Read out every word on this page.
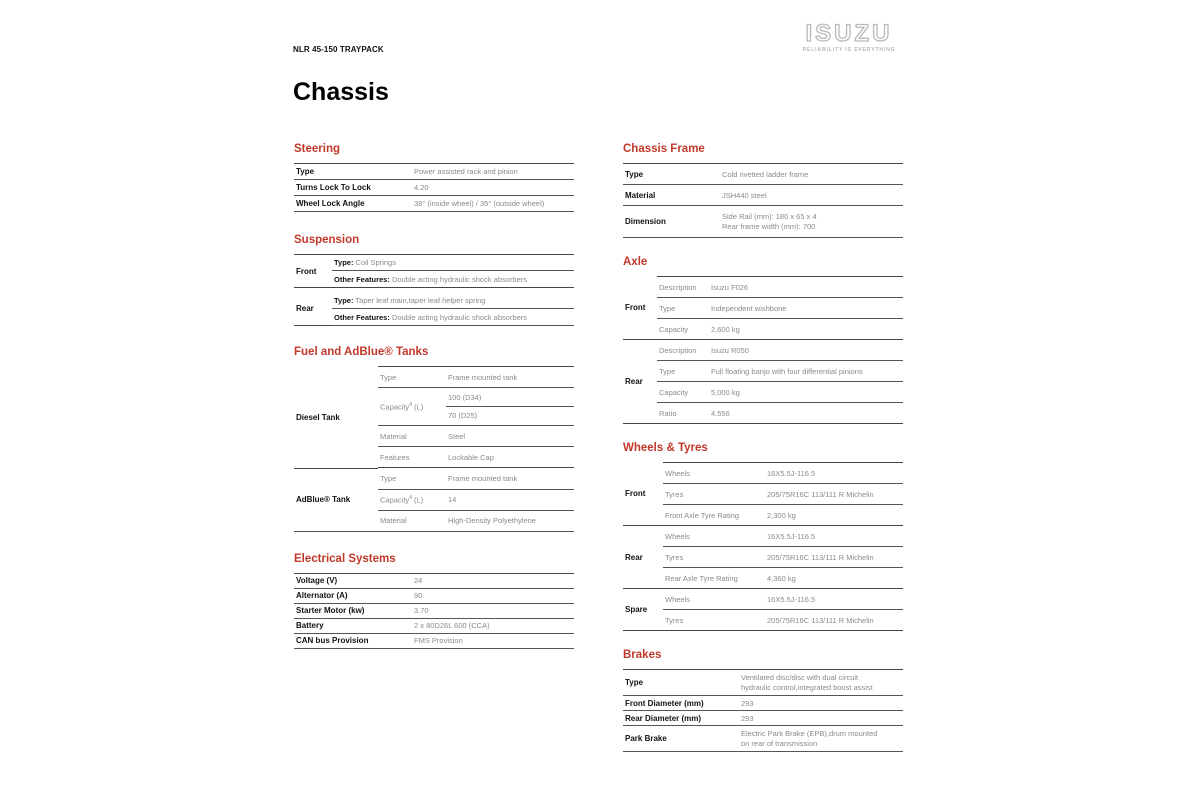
NLR 45-150 TRAYPACK
ISUZU
RELIABILITY IS EVERYTHING
Chassis
Steering
Type	Power assisted rack and pinion
Turns Lock To Lock	4.20
Wheel Lock Angle	38° (inside wheel) / 35° (outside wheel)
Suspension
Front	Type: Coil Springs
	Other Features: Double acting hydraulic shock absorbers

Rear	Type: Taper leaf main,taper leaf helper spring
	Other Features: Double acting hydraulic shock absorbers
Fuel and AdBlue® Tanks
Diesel Tank	Type	Frame mounted tank
	Capacity$^4$ (L)	100 (D34)
70 (D25)

	Material	Steel
	Features	Lockable Cap

AdBlue® Tank	Type	Frame mounted tank
	Capacity$^4$ (L)	14
	Material	High-Density Polyethylene
Electrical Systems
Voltage (V)	24
Alternator (A)	90
Starter Motor (kw)	3.70
Battery	2 x 80D26L 600 (CCA)
CAN bus Provision	FMS Provision
Chassis Frame
Type	Cold rivetted ladder frame
Material	JSH440 steel
Dimension	Side Rail (mm): 180 x 65 x 4
Rear frame width (mm): 700
Axle
Front	Description	Isuzu F026
	Type	Independent wishbone
	Capacity	2,600 kg
Rear	Description	Isuzu R050
	Type	Full floating banjo with four differential pinions
	Capacity	5,000 kg
	Ratio	4.556
Wheels & Tyres
Front	Wheels	16X5.5J-116.5
	Tyres	205/75R16C 113/111 R Michelin
	Front Axle Tyre Rating	2,300 kg
Rear	Wheels	16X5.5J-116.5
	Tyres	205/75R16C 113/111 R Michelin
	Rear Axle Tyre Rating	4,360 kg
Spare	Wheels	16X5.5J-116.5
	Tyres	205/75R16C 113/111 R Michelin
Brakes
Type	Ventilated disc/disc with dual circuit
hydraulic control,integrated boost assist

Front Diameter (mm)	293
Rear Diameter (mm)	293
Park Brake	Electric Park Brake (EPB),drum mounted
on rear of transmission
